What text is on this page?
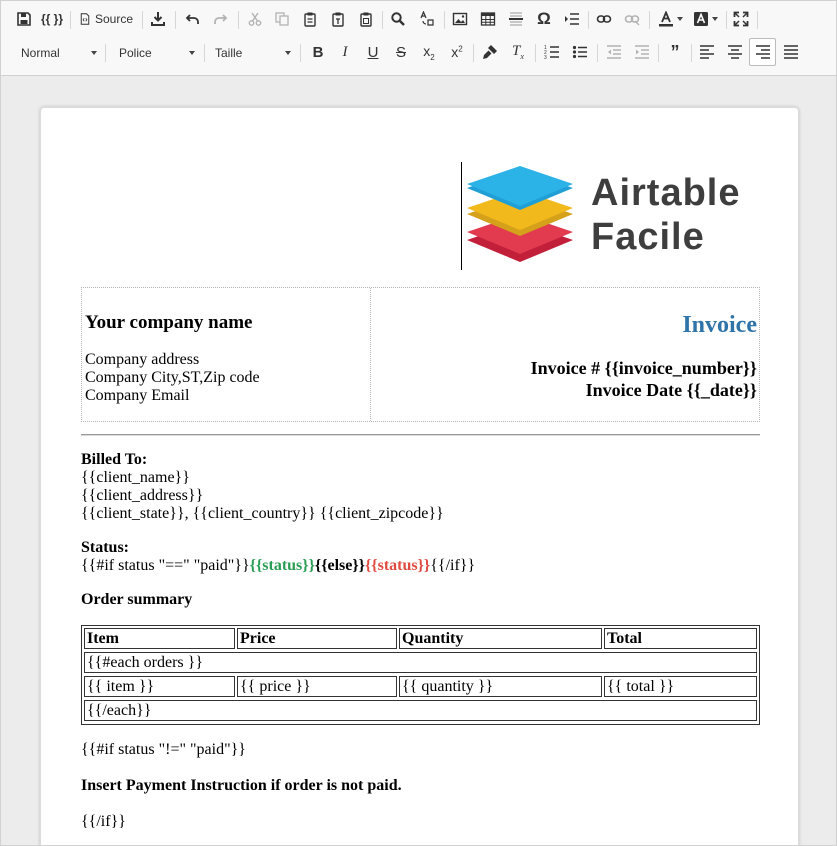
{{ }}	Source	Ω
Normal	Police	Taille	B I U S $x_2$ $x^2$	$T_x$
1
2
3	”
Airtable
Facile
Your company name
Company address
Company City,ST,Zip code
Company Email
Invoice
Invoice # {{invoice_number}}
Invoice Date {{_date}}
Billed To:
{{client_name}}
{{client_address}}
{{client_state}}, {{client_country}} {{client_zipcode}}
Status:
{{#if status "==" "paid"}}{{status}}{{else}}{{status}}{{/if}}
Order summary
Item	Price	Quantity	Total
{{#each orders }}
{{ item }}	{{ price }}	{{ quantity }}	{{ total }}
{{/each}}
{{#if status "!=" "paid"}}
Insert Payment Instruction if order is not paid.
{{/if}}
